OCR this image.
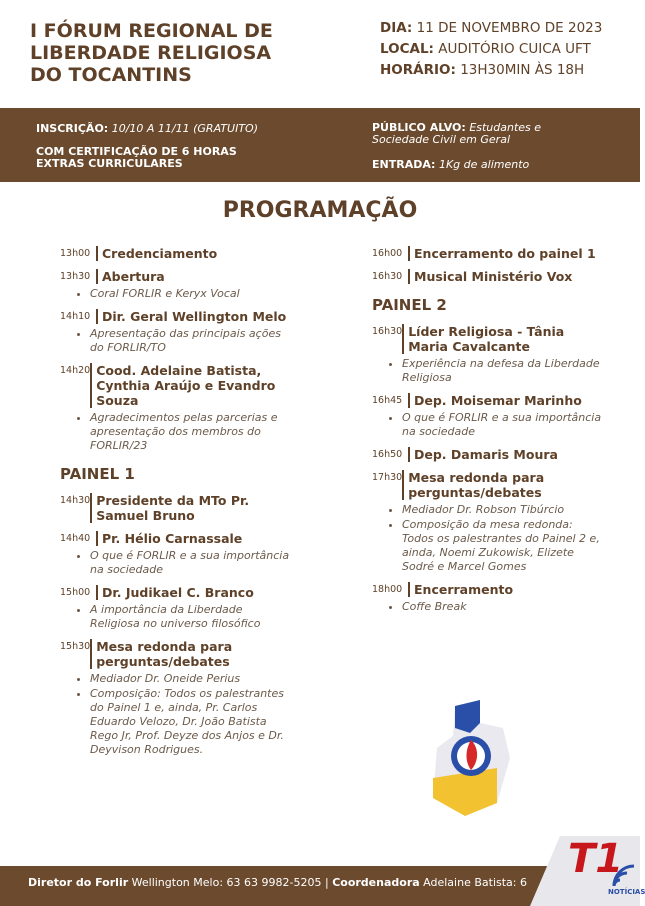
I FÓRUM REGIONAL DE
LIBERDADE RELIGIOSA
DO TOCANTINS
DIA: 11 DE NOVEMBRO DE 2023
LOCAL: AUDITÓRIO CUICA UFT
HORÁRIO: 13H30MIN ÀS 18H
INSCRIÇÃO: 10/10 A 11/11 (GRATUITO)
COM CERTIFICAÇÃO DE 6 HORAS EXTRAS CURRICULARES
PÚBLICO ALVO: Estudantes e Sociedade Civil em Geral
ENTRADA: 1Kg de alimento
PROGRAMAÇÃO
13h00 Credenciamento
13h30 Abertura
• Coral FORLIR e Keryx Vocal
14h10 Dir. Geral Wellington Melo
• Apresentação das principais ações do FORLIR/TO
14h20 Cood. Adelaine Batista, Cynthia Araújo e Evandro Souza
• Agradecimentos pelas parcerias e apresentação dos membros do FORLIR/23
PAINEL 1
14h30 Presidente da MTo Pr. Samuel Bruno
14h40 Pr. Hélio Carnassale
• O que é FORLIR e a sua importância na sociedade
15h00 Dr. Judikael C. Branco
• A importância da Liberdade Religiosa no universo filosófico
15h30 Mesa redonda para perguntas/debates
• Mediador Dr. Oneide Perius
• Composição: Todos os palestrantes do Painel 1 e, ainda, Pr. Carlos Eduardo Velozo, Dr. João Batista Rego Jr, Prof. Deyze dos Anjos e Dr. Deyvison Rodrigues.
16h00 Encerramento do painel 1
16h30 Musical Ministério Vox
PAINEL 2
16h30 Líder Religiosa - Tânia Maria Cavalcante
• Experiência na defesa da Liberdade Religiosa
16h45 Dep. Moisemar Marinho
• O que é FORLIR e a sua importância na sociedade
16h50 Dep. Damaris Moura
17h30 Mesa redonda para perguntas/debates
• Mediador Dr. Robson Tibúrcio
• Composição da mesa redonda: Todos os palestrantes do Painel 2 e, ainda, Noemi Zukowisk, Elizete Sodré e Marcel Gomes
18h00 Encerramento
• Coffe Break
Diretor do Forlir Wellington Melo: 63 63 9982-5205 | Coordenadora Adelaine Batista: 6
T1
NOTÍCIAS
